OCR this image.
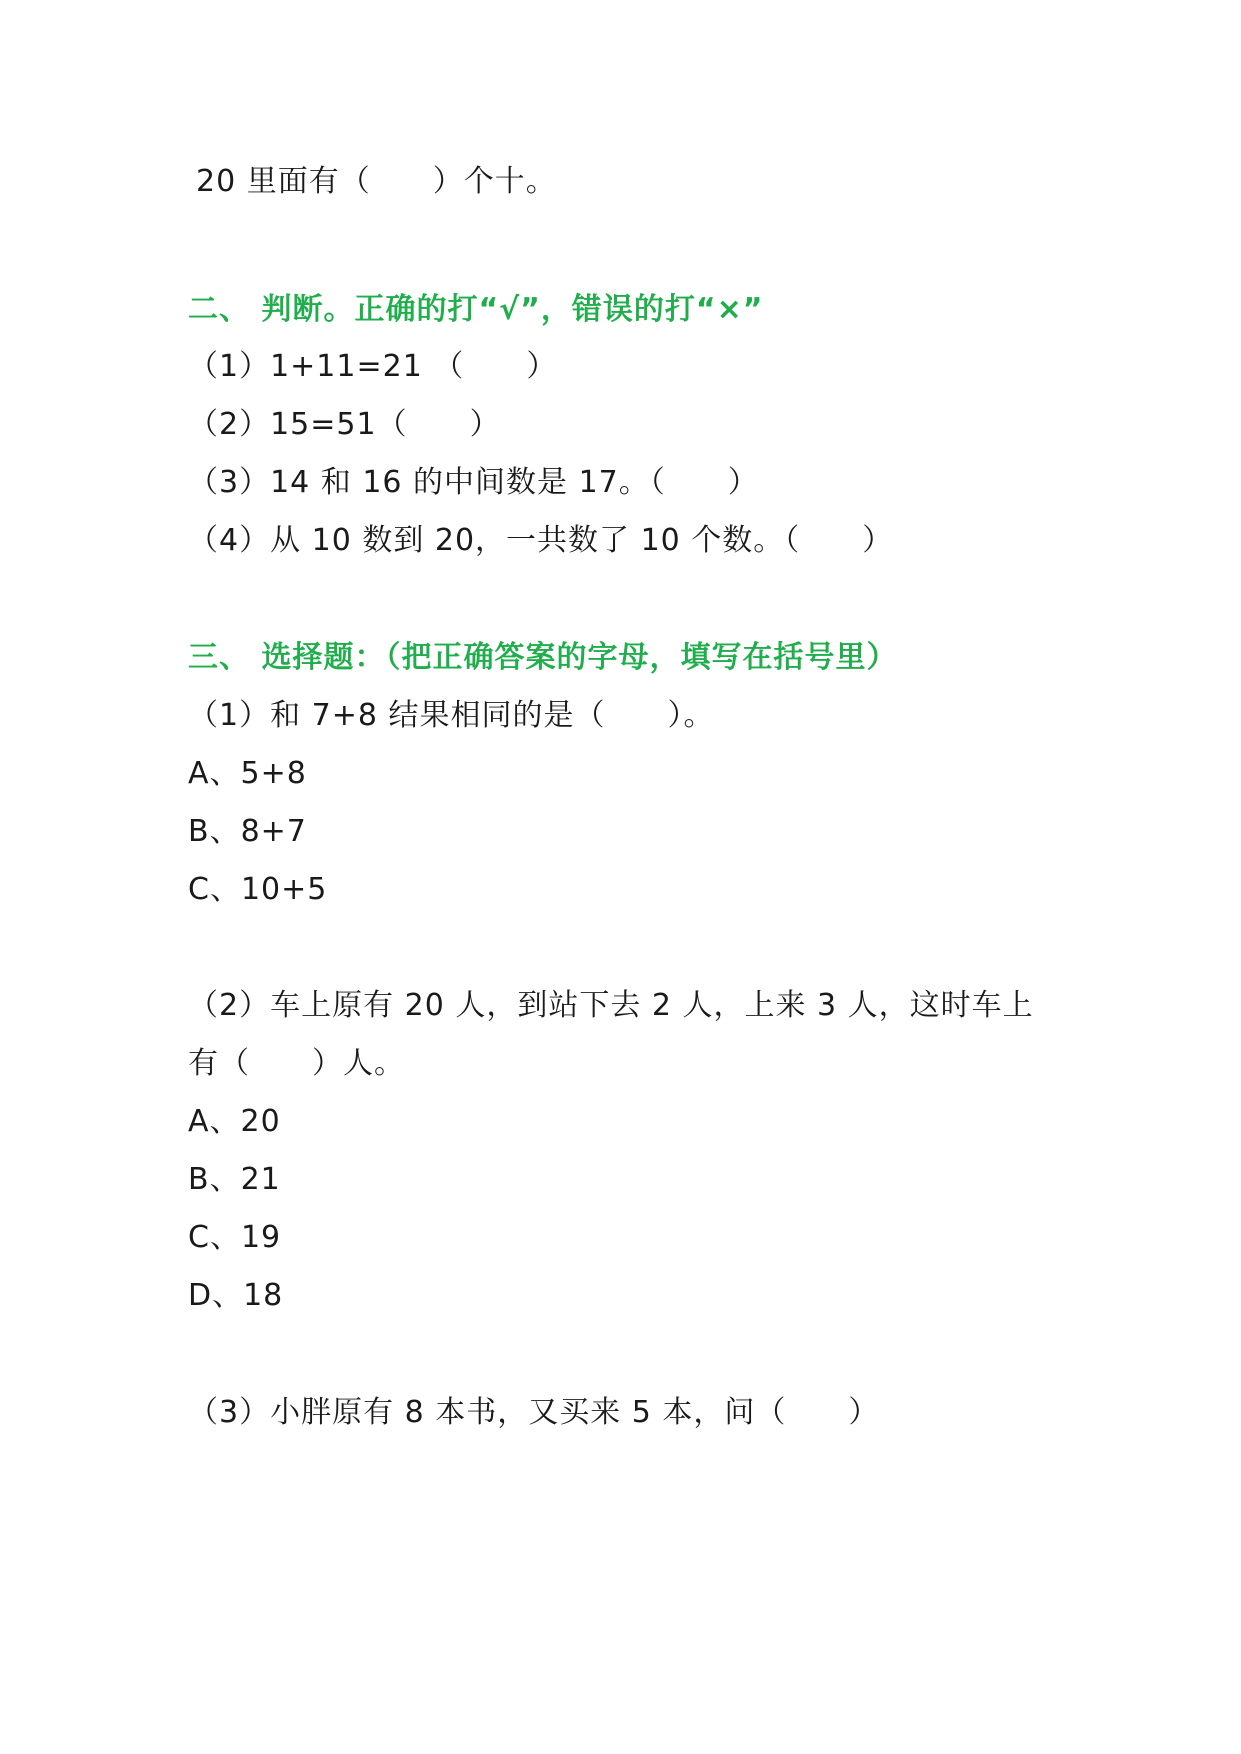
20 里面有（　　）个十。
二、 判断。正确的打“√”，错误的打“×”
（1）1+11=21 （　　）
（2）15=51（　　）
（3）14 和 16 的中间数是 17。（　　）
（4）从 10 数到 20，一共数了 10 个数。（　　）
三、 选择题：（把正确答案的字母，填写在括号里）
（1）和 7+8 结果相同的是（　　）。
A、5+8
B、8+7
C、10+5
（2）车上原有 20 人，到站下去 2 人，上来 3 人，这时车上
有（　　）人。
A、20
B、21
C、19
D、18
（3）小胖原有 8 本书，又买来 5 本，问（　　）
